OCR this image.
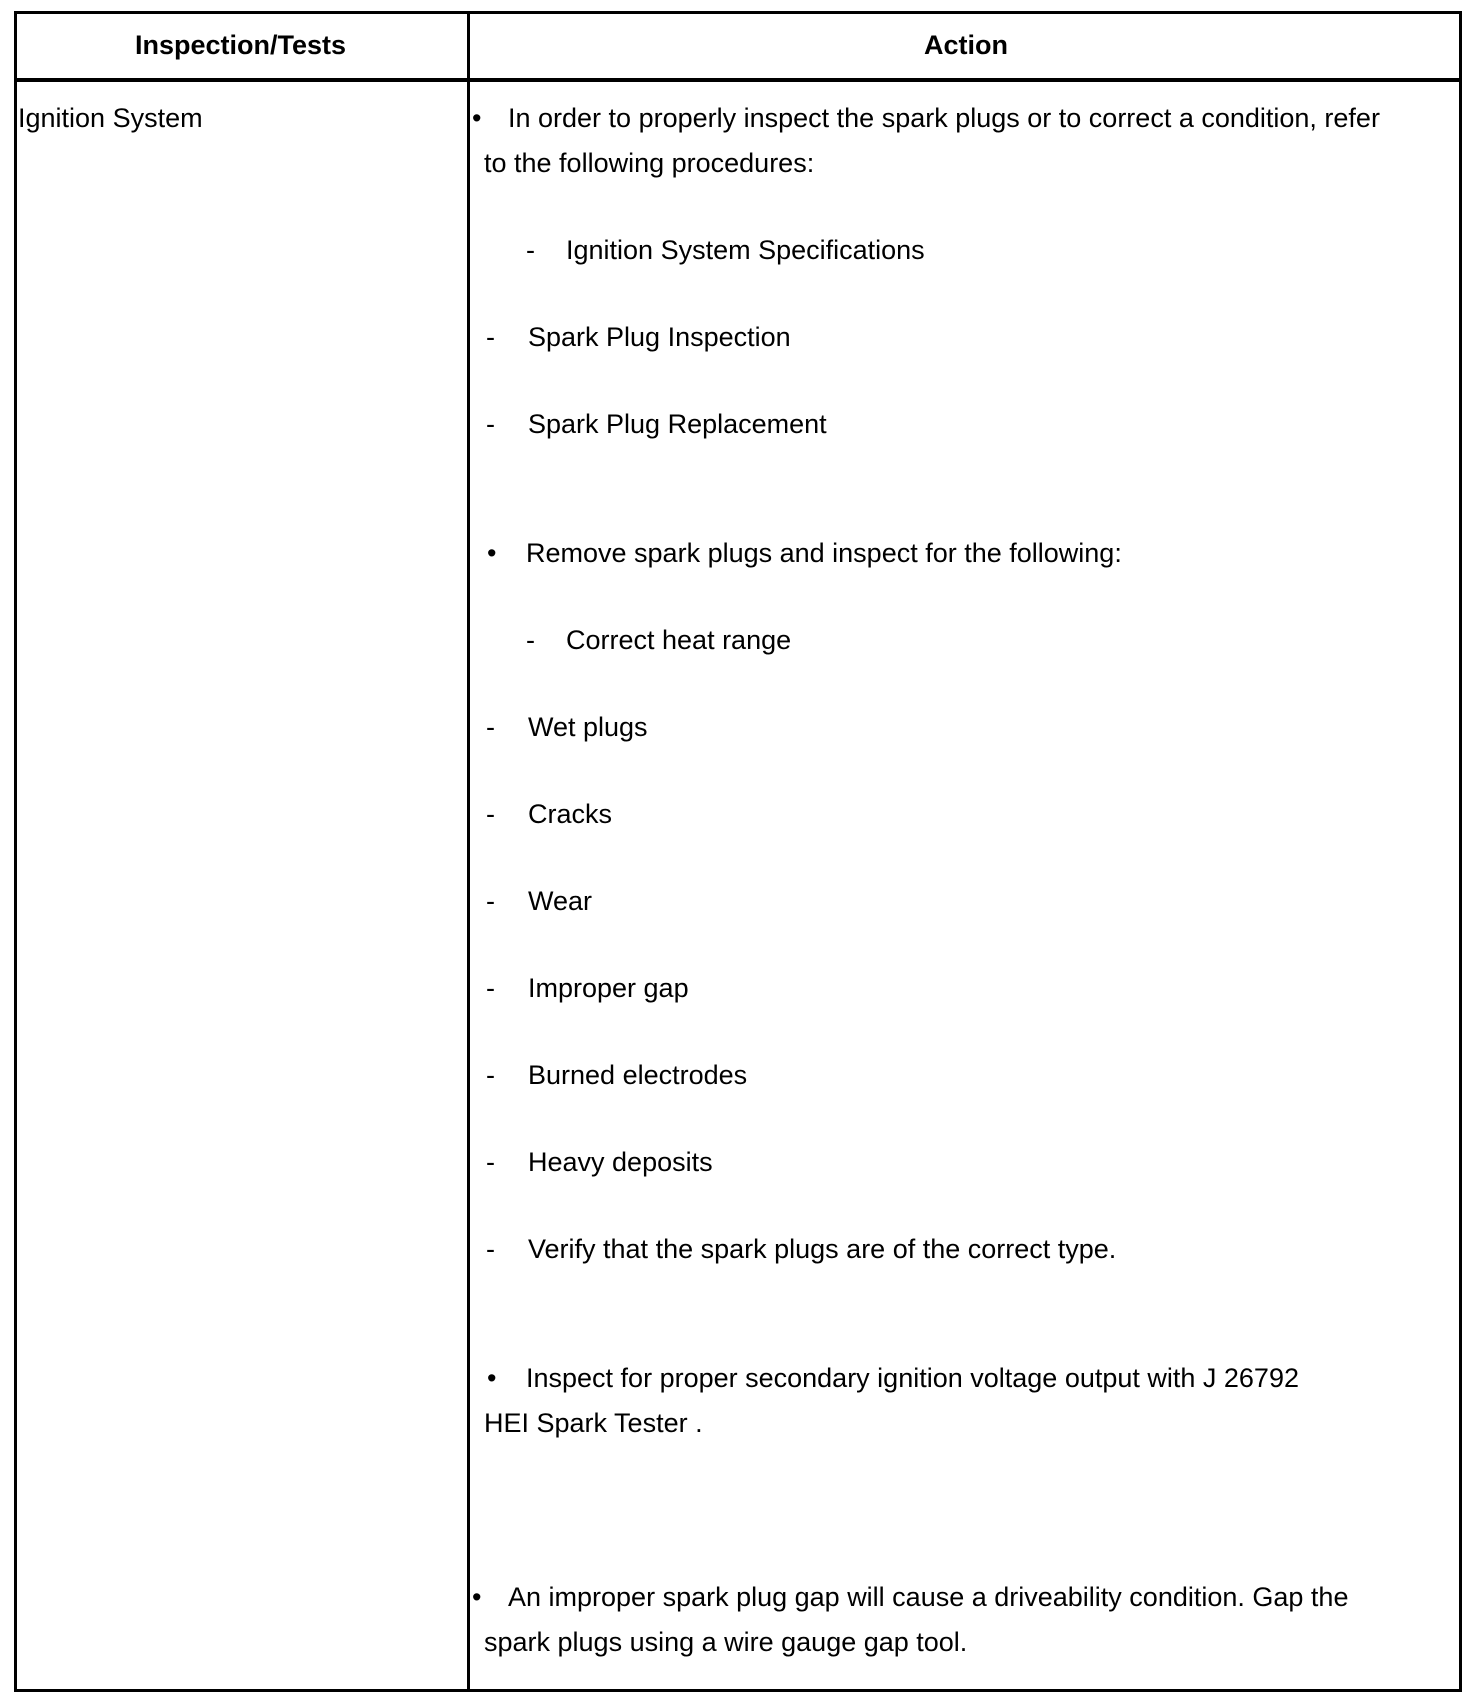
Inspection/Tests	Action
Ignition System	• In order to properly inspect the spark plugs or to correct a condition, refer
to the following procedures:
- Ignition System Specifications
- Spark Plug Inspection
- Spark Plug Replacement
• Remove spark plugs and inspect for the following:
- Correct heat range
- Wet plugs
- Cracks
- Wear
- Improper gap
- Burned electrodes
- Heavy deposits
- Verify that the spark plugs are of the correct type.
• Inspect for proper secondary ignition voltage output with J 26792
HEI Spark Tester .
• An improper spark plug gap will cause a driveability condition. Gap the
spark plugs using a wire gauge gap tool.
